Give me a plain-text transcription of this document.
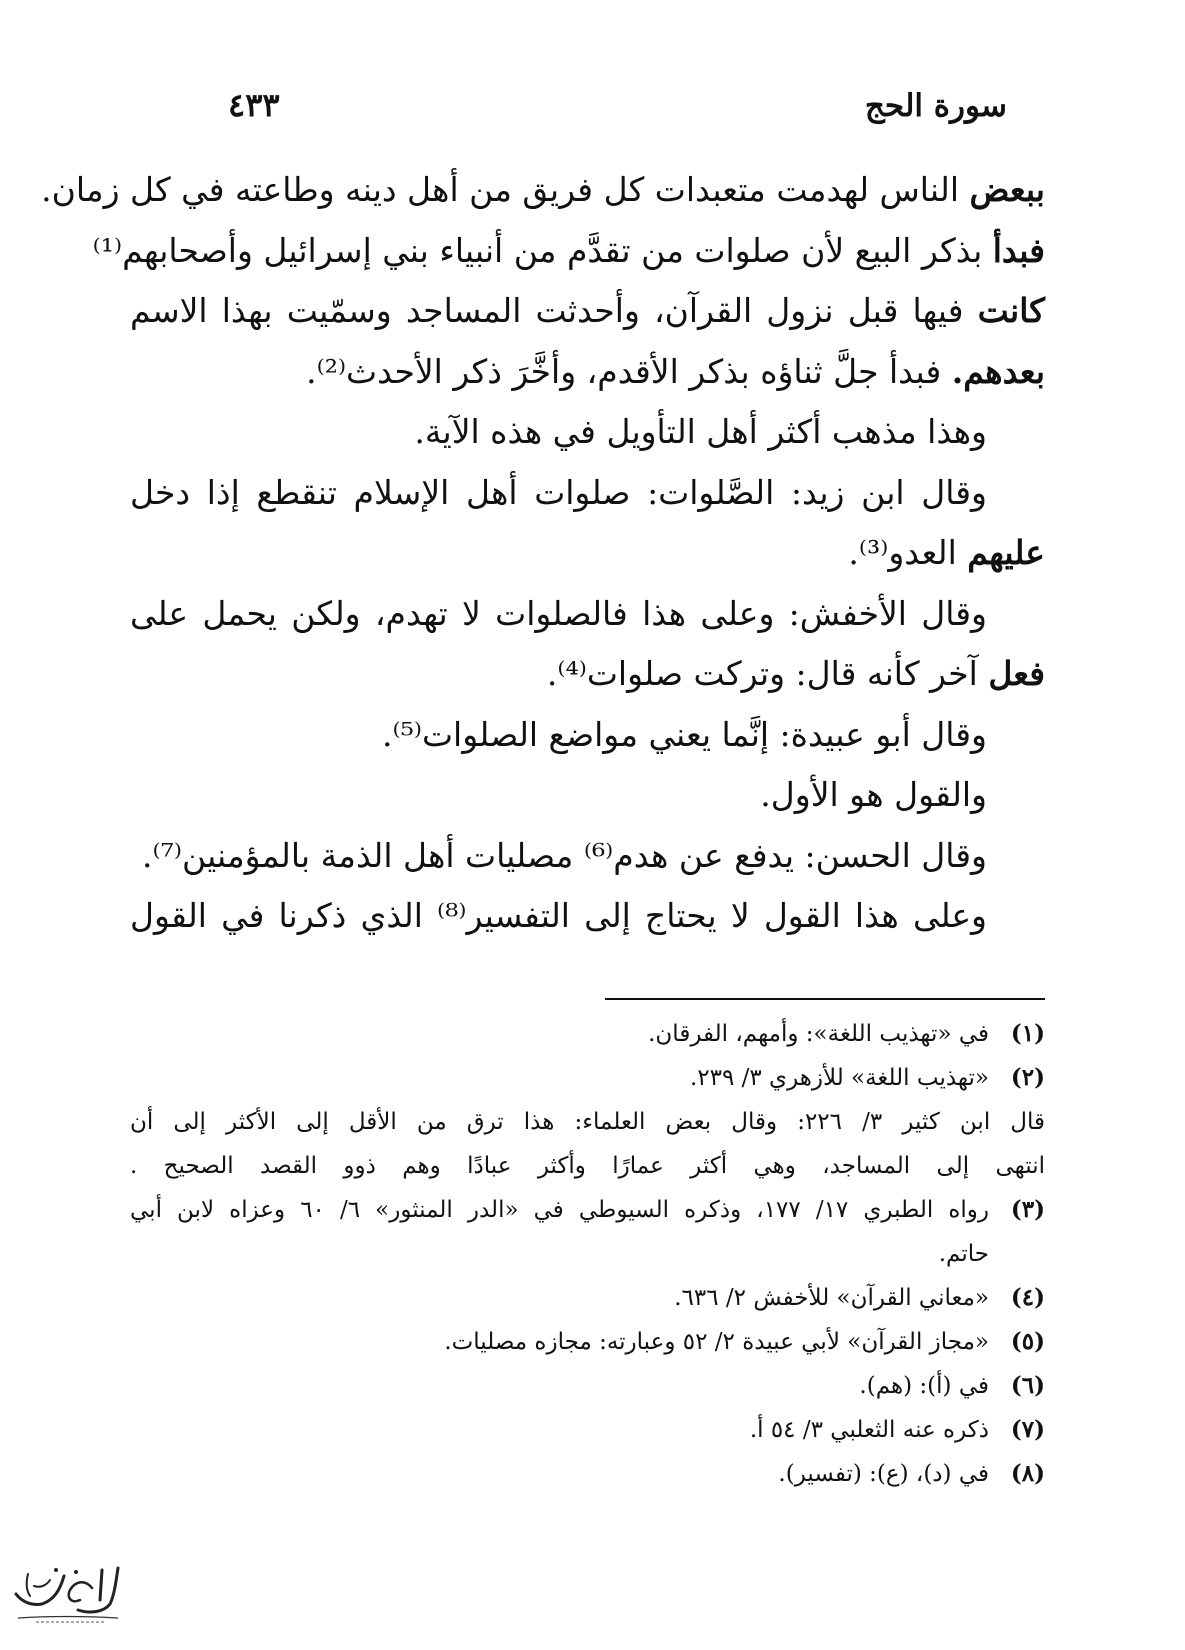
سورة الحج
٤٣٣
ببعض الناس لهدمت متعبدات كل فريق من أهل دينه وطاعته في كل زمان.
فبدأ بذكر البيع لأن صلوات من تقدَّم من أنبياء بني إسرائيل وأصحابهم⁽¹⁾
كانت فيها قبل نزول القرآن، وأحدثت المساجد وسمّيت بهذا الاسم
بعدهم. فبدأ جلَّ ثناؤه بذكر الأقدم، وأخَّرَ ذكر الأحدث⁽²⁾.
وهذا مذهب أكثر أهل التأويل في هذه الآية.
وقال ابن زيد: الصَّلوات: صلوات أهل الإسلام تنقطع إذا دخل
عليهم العدو⁽³⁾.
وقال الأخفش: وعلى هذا فالصلوات لا تهدم، ولكن يحمل على
فعل آخر كأنه قال: وتركت صلوات⁽⁴⁾.
وقال أبو عبيدة: إنَّما يعني مواضع الصلوات⁽⁵⁾.
والقول هو الأول.
وقال الحسن: يدفع عن هدم⁽⁶⁾ مصليات أهل الذمة بالمؤمنين⁽⁷⁾.
وعلى هذا القول لا يحتاج إلى التفسير⁽⁸⁾ الذي ذكرنا في القول
(١)
في «تهذيب اللغة»: وأمهم، الفرقان.
(٢)
«تهذيب اللغة» للأزهري ٣/ ٢٣٩.
قال ابن كثير ٣/ ٢٢٦: وقال بعض العلماء: هذا ترق من الأقل إلى الأكثر إلى أن
انتهى إلى المساجد، وهي أكثر عمارًا وأكثر عبادًا وهم ذوو القصد الصحيح .
(٣)
رواه الطبري ١٧/ ١٧٧، وذكره السيوطي في «الدر المنثور» ٦/ ٦٠ وعزاه لابن أبي
حاتم.
(٤)
«معاني القرآن» للأخفش ٢/ ٦٣٦.
(٥)
«مجاز القرآن» لأبي عبيدة ٢/ ٥٢ وعبارته: مجازه مصليات.
(٦)
في (أ): (هم).
(٧)
ذكره عنه الثعلبي ٣/ ٥٤ أ.
(٨)
في (د)، (ع): (تفسير).
